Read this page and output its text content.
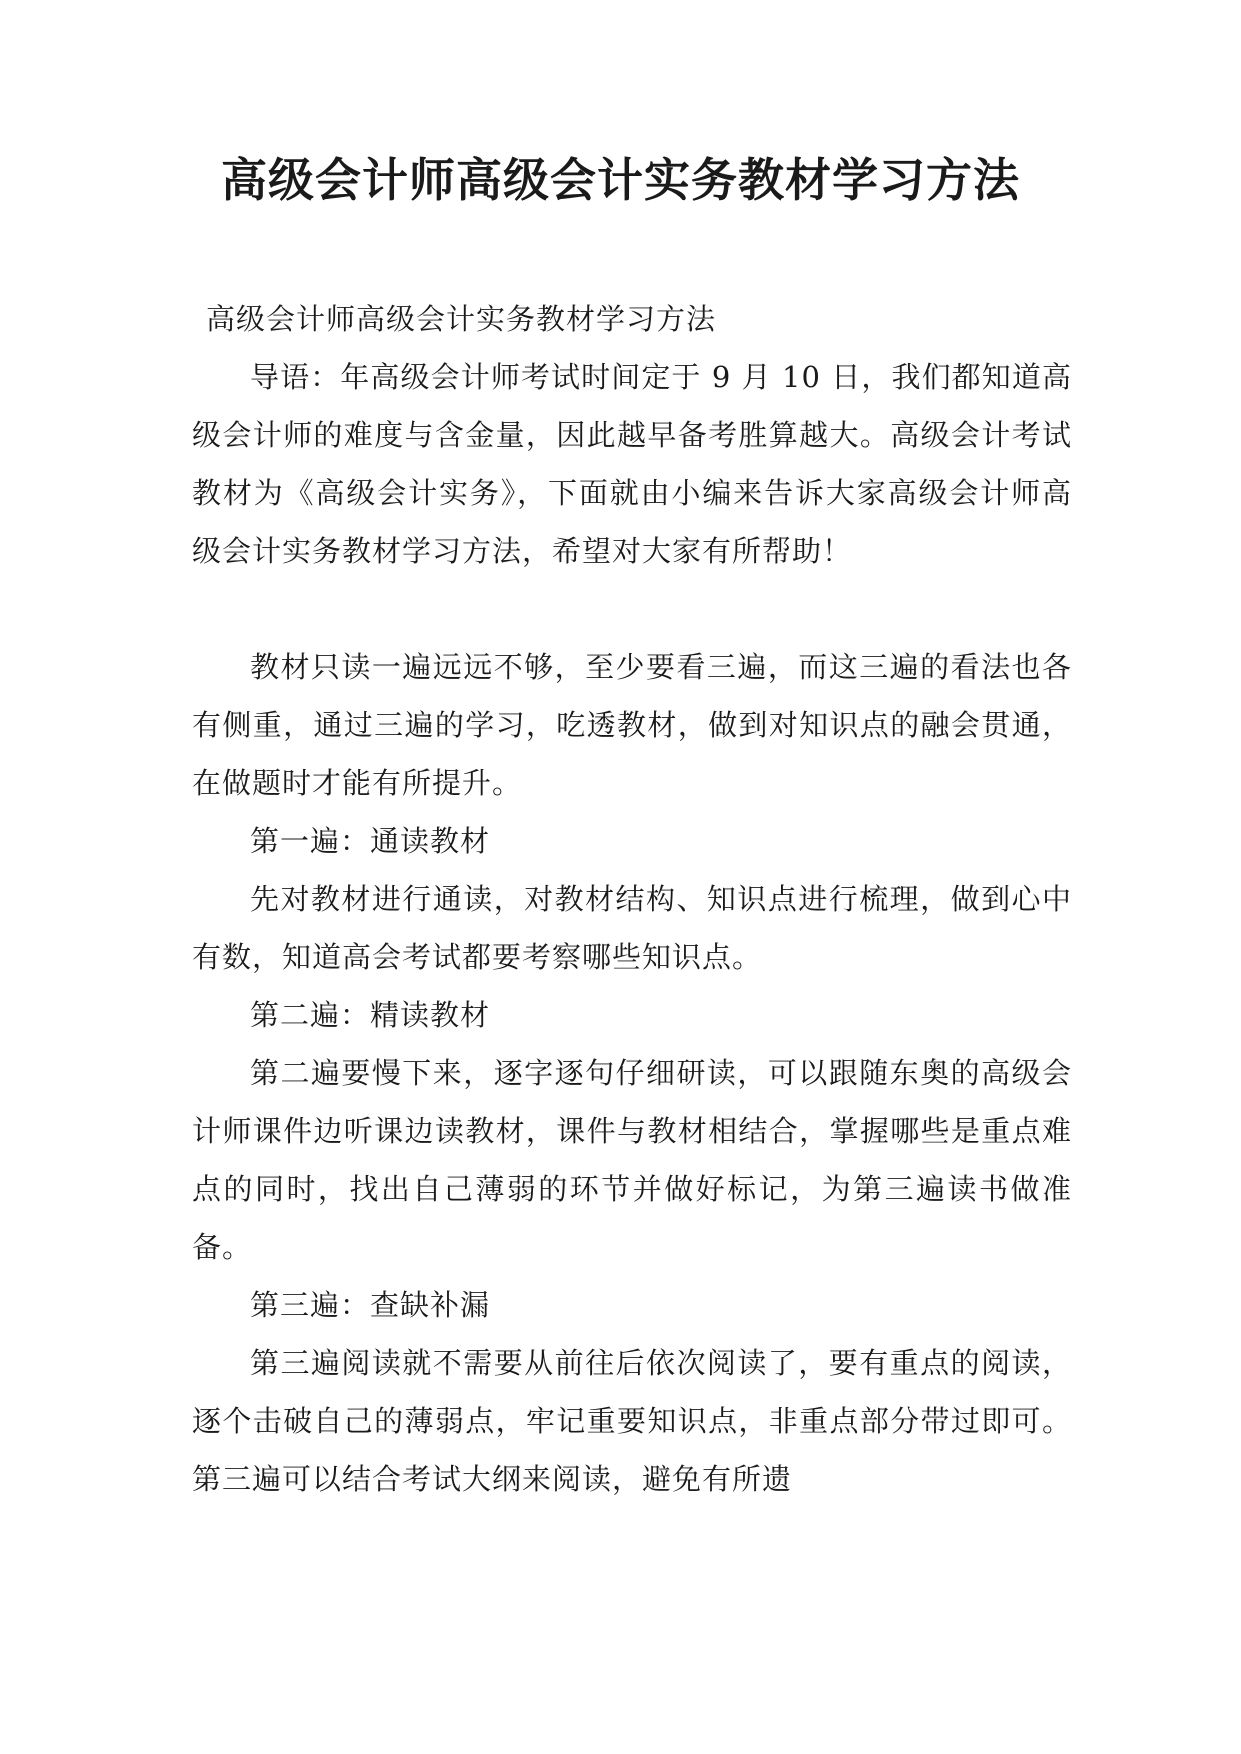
高级会计师高级会计实务教材学习方法

高级会计师高级会计实务教材学习方法

导语：年高级会计师考试时间定于 9 月 10 日，我们都知道高级会计师的难度与含金量，因此越早备考胜算越大。高级会计考试教材为《高级会计实务》，下面就由小编来告诉大家高级会计师高级会计实务教材学习方法，希望对大家有所帮助！

教材只读一遍远远不够，至少要看三遍，而这三遍的看法也各有侧重，通过三遍的学习，吃透教材，做到对知识点的融会贯通，在做题时才能有所提升。

第一遍：通读教材

先对教材进行通读，对教材结构、知识点进行梳理，做到心中有数，知道高会考试都要考察哪些知识点。

第二遍：精读教材

第二遍要慢下来，逐字逐句仔细研读，可以跟随东奥的高级会计师课件边听课边读教材，课件与教材相结合，掌握哪些是重点难点的同时，找出自己薄弱的环节并做好标记，为第三遍读书做准备。

第三遍：查缺补漏

第三遍阅读就不需要从前往后依次阅读了，要有重点的阅读，逐个击破自己的薄弱点，牢记重要知识点，非重点部分带过即可。第三遍可以结合考试大纲来阅读，避免有所遗
